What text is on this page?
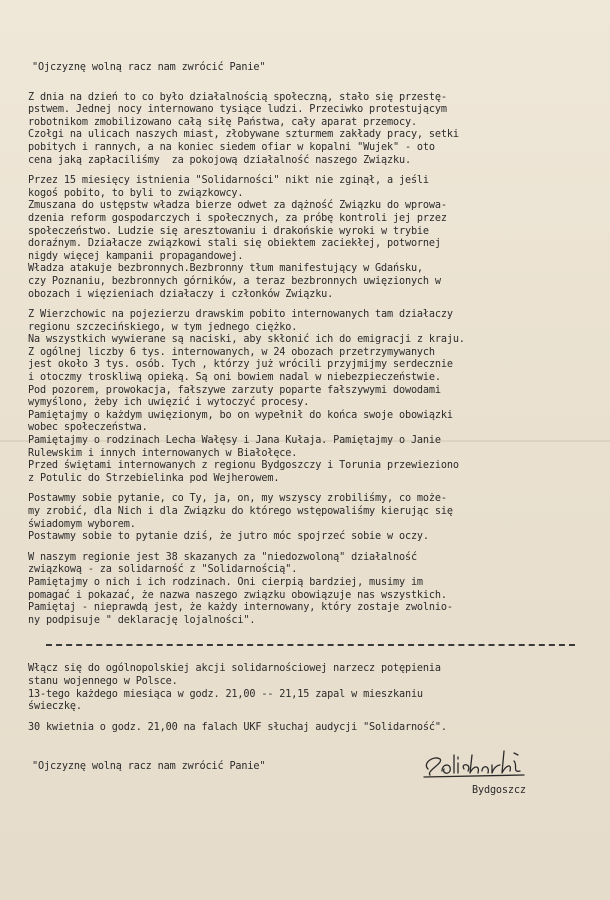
"Ojczyznę wolną racz nam zwrócić Panie"

Z dnia na dzień to co było działalnością społeczną, stało się przestę-

pstwem. Jednej nocy internowano tysiące ludzi. Przeciwko protestującym

robotnikom zmobilizowano całą siłę Państwa, cały aparat przemocy.

Czołgi na ulicach naszych miast, złobywane szturmem zakłady pracy, setki

pobitych i rannych, a na koniec siedem ofiar w kopalni "Wujek" - oto

cena jaką zapłaciliśmy  za pokojową działalność naszego Związku.

Przez 15 miesięcy istnienia "Solidarności" nikt nie zginął, a jeśli

kogoś pobito, to byli to związkowcy.

Zmuszana do ustępstw władza bierze odwet za dążność Związku do wprowa-

dzenia reform gospodarczych i społecznych, za próbę kontroli jej przez

społeczeństwo. Ludzie się aresztowaniu i drakońskie wyroki w trybie

doraźnym. Działacze związkowi stali się obiektem zaciekłej, potwornej

nigdy więcej kampanii propagandowej.

Władza atakuje bezbronnych.Bezbronny tłum manifestujący w Gdańsku,

czy Poznaniu, bezbronnych górników, a teraz bezbronnych uwięzionych w

obozach i więzieniach działaczy i członków Związku.

Z Wierzchowic na pojezierzu drawskim pobito internowanych tam działaczy

regionu szczecińskiego, w tym jednego ciężko.

Na wszystkich wywierane są naciski, aby skłonić ich do emigracji z kraju.

Z ogólnej liczby 6 tys. internowanych, w 24 obozach przetrzymywanych

jest około 3 tys. osób. Tych , którzy już wrócili przyjmijmy serdecznie

i otoczmy troskliwą opieką. Są oni bowiem nadal w niebezpieczeństwie.

Pod pozorem, prowokacja, fałszywe zarzuty poparte fałszywymi dowodami

wymyślono, żeby ich uwięzić i wytoczyć procesy.

Pamiętajmy o każdym uwięzionym, bo on wypełnił do końca swoje obowiązki

wobec społeczeństwa.

Pamiętajmy o rodzinach Lecha Wałęsy i Jana Kułaja. Pamiętajmy o Janie

Rulewskim i innych internowanych w Białołęce.

Przed świętami internowanych z regionu Bydgoszczy i Torunia przewieziono

z Potulic do Strzebielinka pod Wejherowem.

Postawmy sobie pytanie, co Ty, ja, on, my wszyscy zrobiliśmy, co może-

my zrobić, dla Nich i dla Związku do którego wstępowaliśmy kierując się

świadomym wyborem.

Postawmy sobie to pytanie dziś, że jutro móc spojrzeć sobie w oczy.

W naszym regionie jest 38 skazanych za "niedozwoloną" działalność

związkową - za solidarność z "Solidarnością".

Pamiętajmy o nich i ich rodzinach. Oni cierpią bardziej, musimy im

pomagać i pokazać, że nazwa naszego związku obowiązuje nas wszystkich.

Pamiętaj - nieprawdą jest, że każdy internowany, który zostaje zwolnio-

ny podpisuje " deklarację lojalności".

Włącz się do ogólnopolskiej akcji solidarnościowej narzecz potępienia

stanu wojennego w Polsce.

13-tego każdego miesiąca w godz. 21,00 -- 21,15 zapal w mieszkaniu

świeczkę.

30 kwietnia o godz. 21,00 na falach UKF słuchaj audycji "Solidarność".

"Ojczyznę wolną racz nam zwrócić Panie"
Bydgoszcz
